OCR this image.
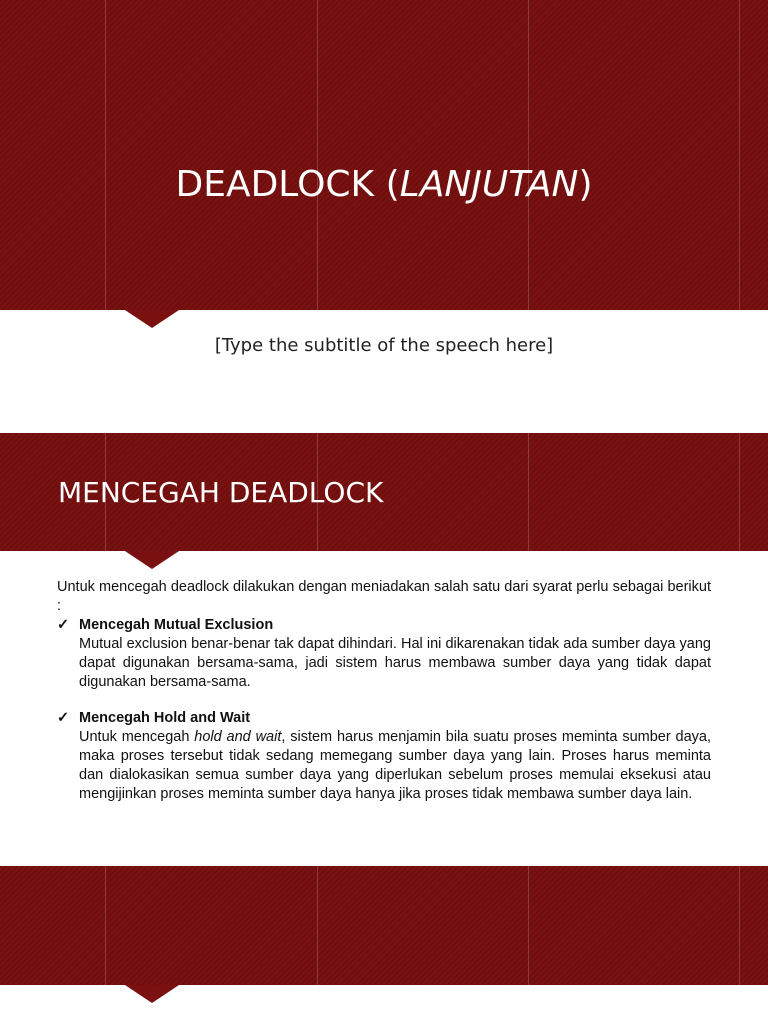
DEADLOCK (LANJUTAN)
[Type the subtitle of the speech here]
MENCEGAH DEADLOCK

Untuk mencegah deadlock dilakukan dengan meniadakan salah satu dari syarat perlu sebagai berikut :

✓ Mencegah Mutual Exclusion

Mutual exclusion benar-benar tak dapat dihindari. Hal ini dikarenakan tidak ada sumber daya yang dapat digunakan bersama-sama, jadi sistem harus membawa sumber daya yang tidak dapat digunakan bersama-sama.

✓ Mencegah Hold and Wait

Untuk mencegah hold and wait, sistem harus menjamin bila suatu proses meminta sumber daya, maka proses tersebut tidak sedang memegang sumber daya yang lain. Proses harus meminta dan dialokasikan semua sumber daya yang diperlukan sebelum proses memulai eksekusi atau mengijinkan proses meminta sumber daya hanya jika proses tidak membawa sumber daya lain.
